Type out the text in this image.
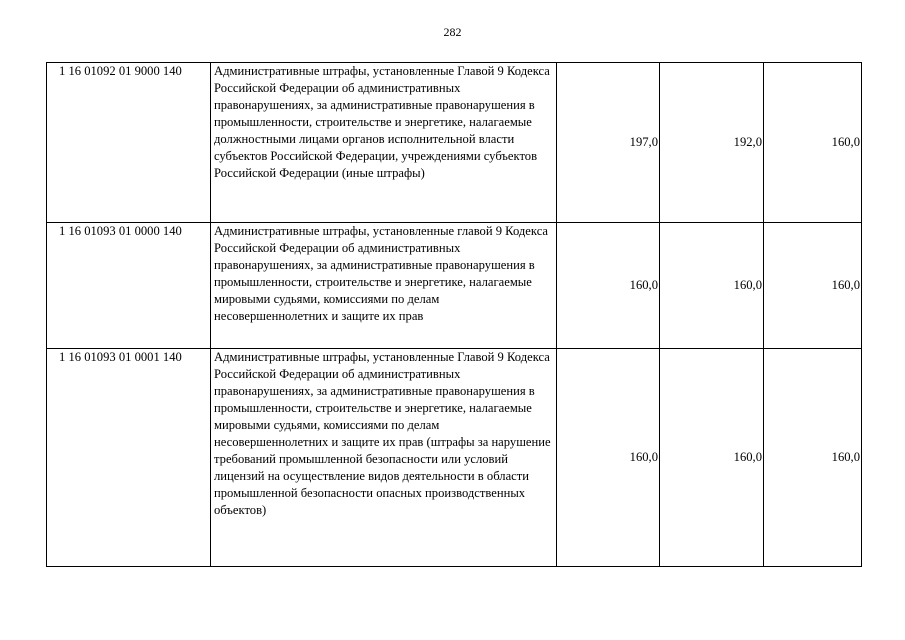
282
1 16 01092 01 9000 140	Административные штрафы, установленные Главой 9 Кодекса Российской Федерации об административных правонарушениях, за административные правонарушения в промышленности, строительстве и энергетике, налагаемые должностными лицами органов исполнительной власти субъектов Российской Федерации, учреждениями субъектов Российской Федерации (иные штрафы)	197,0	192,0	160,0
1 16 01093 01 0000 140	Административные штрафы, установленные главой 9 Кодекса Российской Федерации об административных правонарушениях, за административные правонарушения в промышленности, строительстве и энергетике, налагаемые мировыми судьями, комиссиями по делам несовершеннолетних и защите их прав	160,0	160,0	160,0
1 16 01093 01 0001 140	Административные штрафы, установленные Главой 9 Кодекса Российской Федерации об административных правонарушениях, за административные правонарушения в промышленности, строительстве и энергетике, налагаемые мировыми судьями, комиссиями по делам несовершеннолетних и защите их прав (штрафы за нарушение требований промышленной безопасности или условий лицензий на осуществление видов деятельности в области промышленной безопасности опасных производственных объектов)	160,0	160,0	160,0
